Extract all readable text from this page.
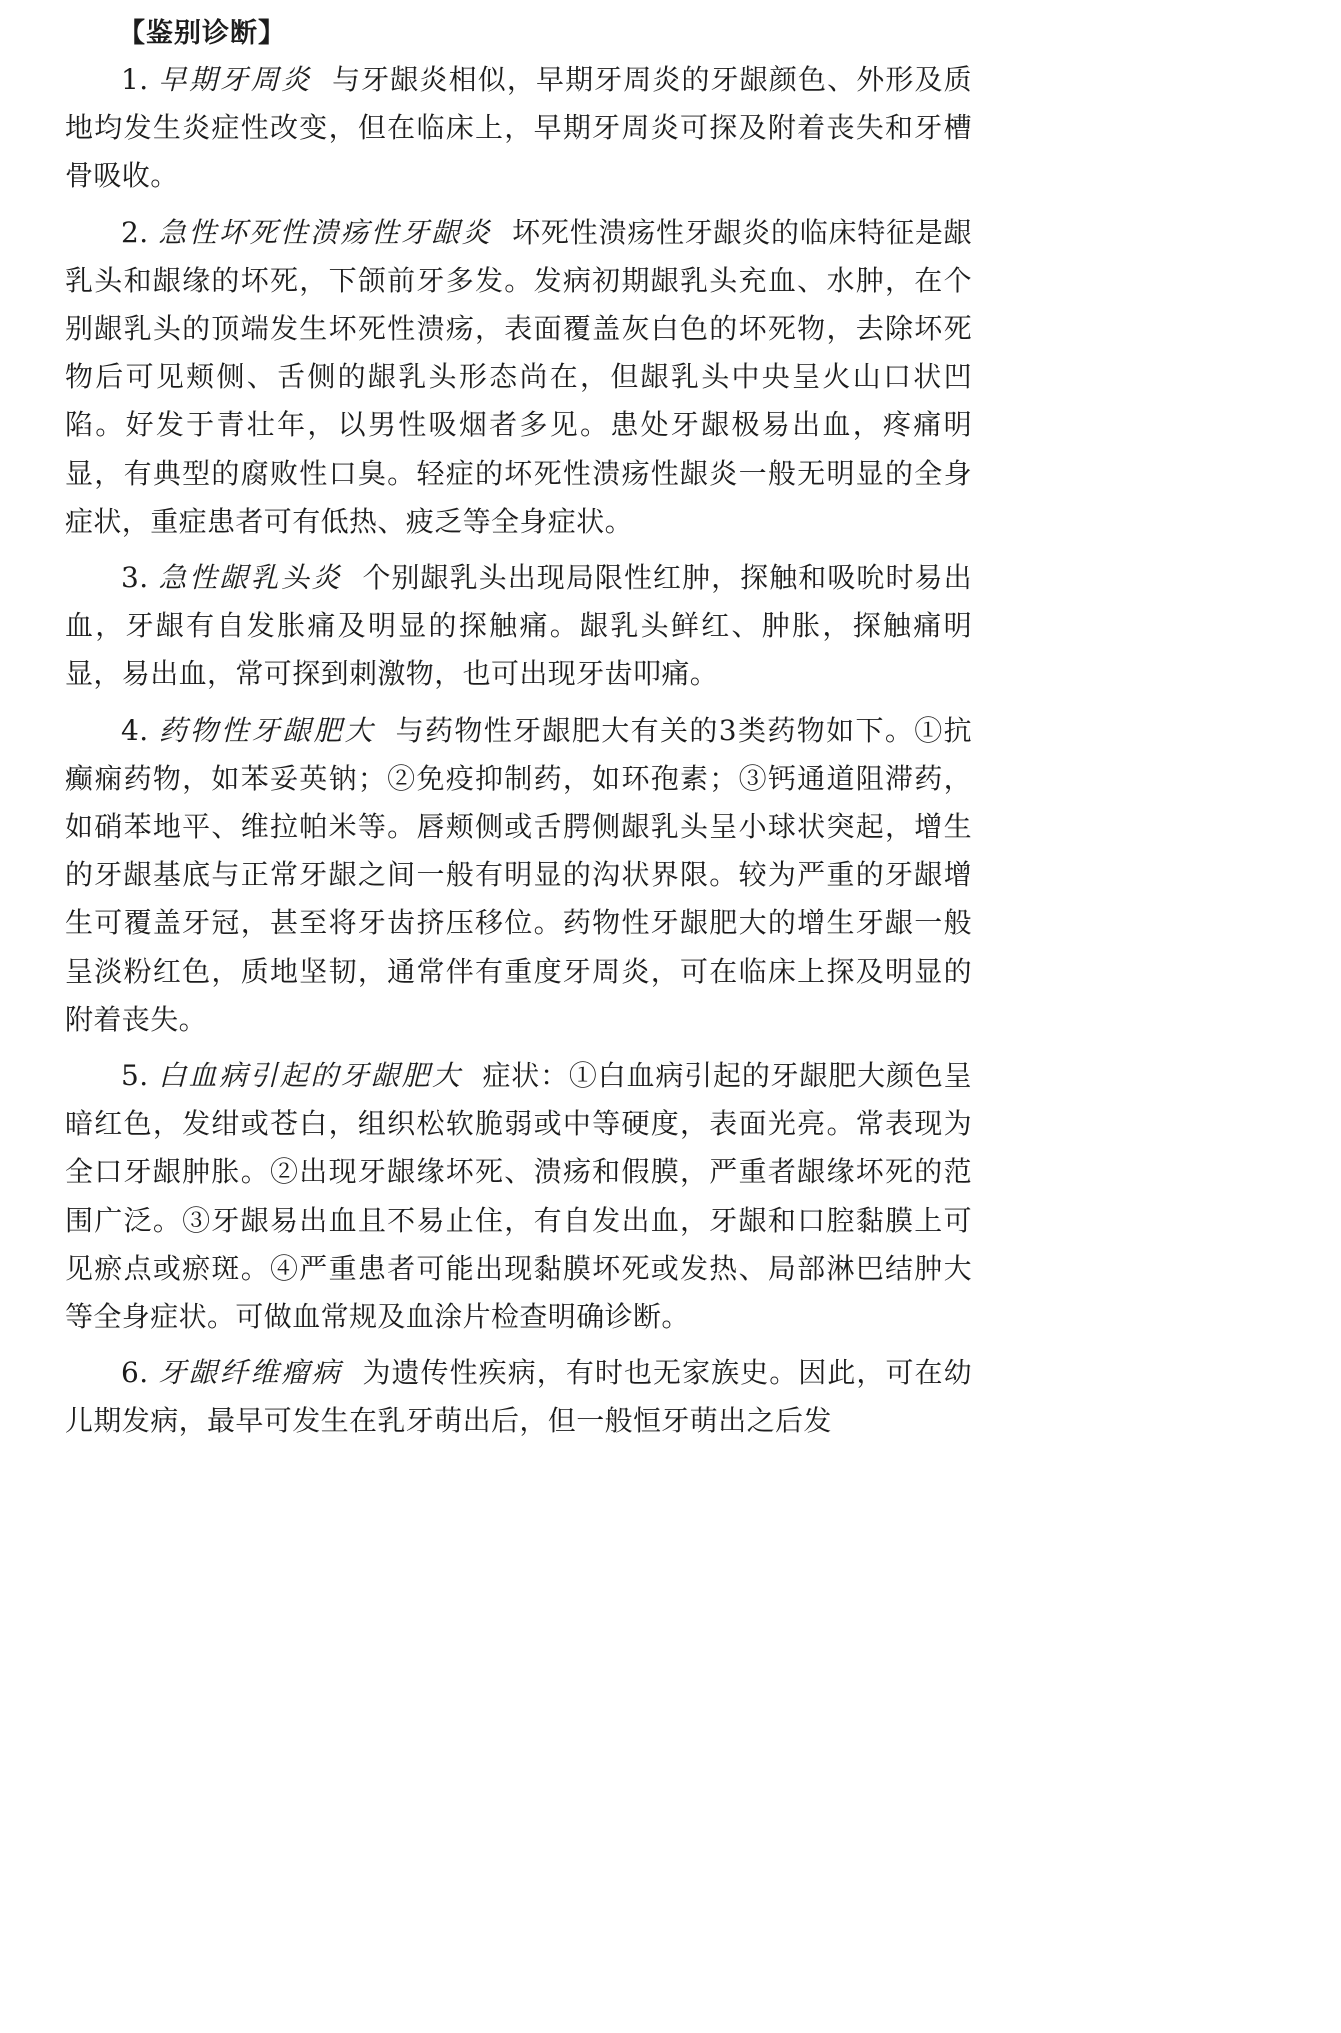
【鉴别诊断】

1. 早期牙周炎 与牙龈炎相似，早期牙周炎的牙龈颜色、外形及质地均发生炎症性改变，但在临床上，早期牙周炎可探及附着丧失和牙槽骨吸收。

2. 急性坏死性溃疡性牙龈炎 坏死性溃疡性牙龈炎的临床特征是龈乳头和龈缘的坏死，下颌前牙多发。发病初期龈乳头充血、水肿，在个别龈乳头的顶端发生坏死性溃疡，表面覆盖灰白色的坏死物，去除坏死物后可见颊侧、舌侧的龈乳头形态尚在，但龈乳头中央呈火山口状凹陷。好发于青壮年，以男性吸烟者多见。患处牙龈极易出血，疼痛明显，有典型的腐败性口臭。轻症的坏死性溃疡性龈炎一般无明显的全身症状，重症患者可有低热、疲乏等全身症状。

3. 急性龈乳头炎 个别龈乳头出现局限性红肿，探触和吸吮时易出血，牙龈有自发胀痛及明显的探触痛。龈乳头鲜红、肿胀，探触痛明显，易出血，常可探到刺激物，也可出现牙齿叩痛。

4. 药物性牙龈肥大 与药物性牙龈肥大有关的3类药物如下。①抗癫痫药物，如苯妥英钠；②免疫抑制药，如环孢素；③钙通道阻滞药，如硝苯地平、维拉帕米等。唇颊侧或舌腭侧龈乳头呈小球状突起，增生的牙龈基底与正常牙龈之间一般有明显的沟状界限。较为严重的牙龈增生可覆盖牙冠，甚至将牙齿挤压移位。药物性牙龈肥大的增生牙龈一般呈淡粉红色，质地坚韧，通常伴有重度牙周炎，可在临床上探及明显的附着丧失。

5. 白血病引起的牙龈肥大 症状：①白血病引起的牙龈肥大颜色呈暗红色，发绀或苍白，组织松软脆弱或中等硬度，表面光亮。常表现为全口牙龈肿胀。②出现牙龈缘坏死、溃疡和假膜，严重者龈缘坏死的范围广泛。③牙龈易出血且不易止住，有自发出血，牙龈和口腔黏膜上可见瘀点或瘀斑。④严重患者可能出现黏膜坏死或发热、局部淋巴结肿大等全身症状。可做血常规及血涂片检查明确诊断。

6. 牙龈纤维瘤病 为遗传性疾病，有时也无家族史。因此，可在幼儿期发病，最早可发生在乳牙萌出后，但一般恒牙萌出之后发
